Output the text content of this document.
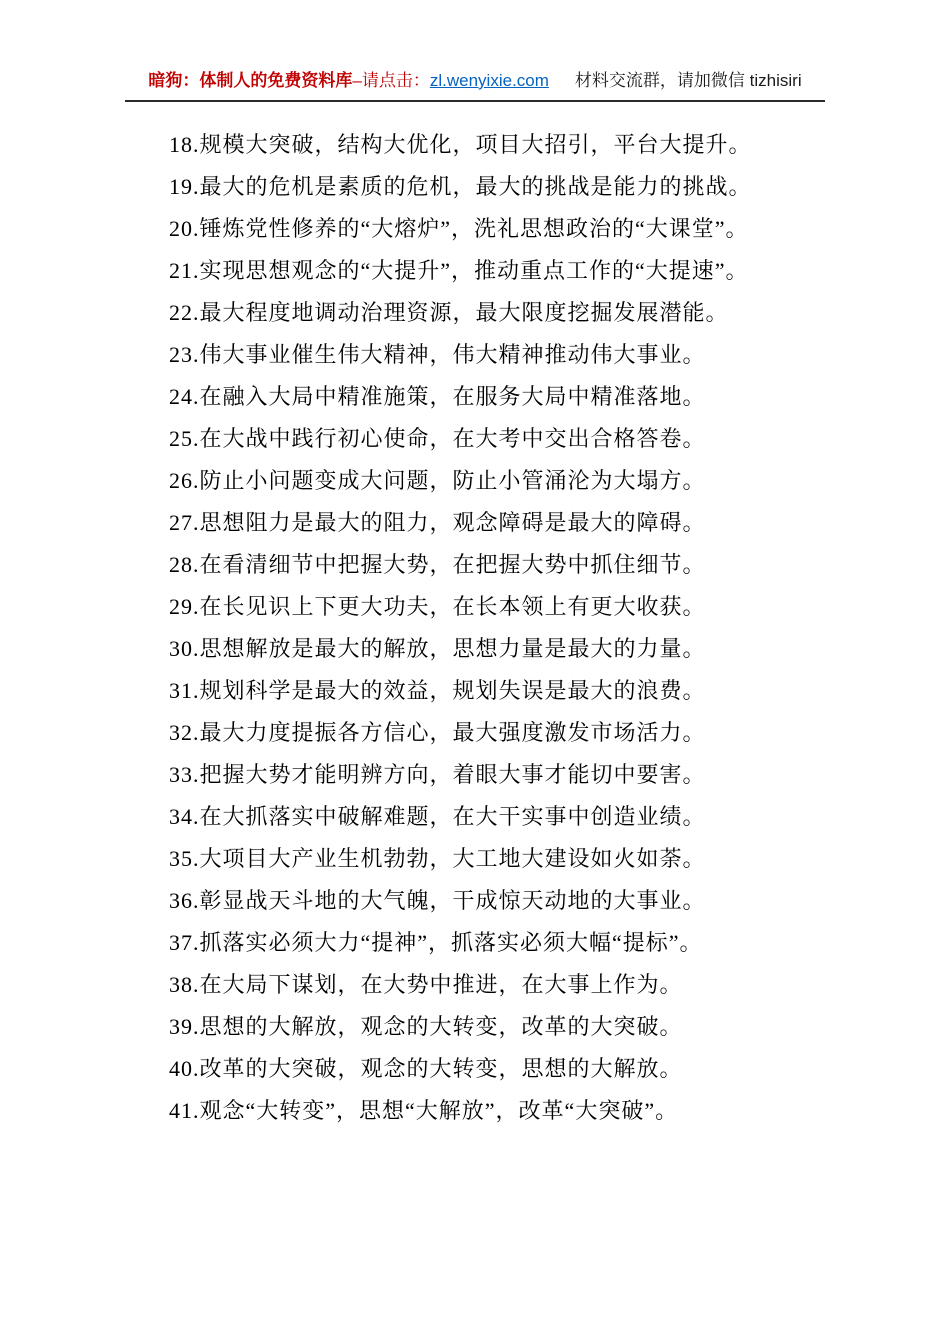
暗狗：体制人的免费资料库–请点击：zl.wenyixie.com 材料交流群，请加微信 tizhisiri

18.规模大突破，结构大优化，项目大招引，平台大提升。

19.最大的危机是素质的危机，最大的挑战是能力的挑战。

20.锤炼党性修养的“大熔炉”，洗礼思想政治的“大课堂”。

21.实现思想观念的“大提升”，推动重点工作的“大提速”。

22.最大程度地调动治理资源，最大限度挖掘发展潜能。

23.伟大事业催生伟大精神，伟大精神推动伟大事业。

24.在融入大局中精准施策，在服务大局中精准落地。

25.在大战中践行初心使命，在大考中交出合格答卷。

26.防止小问题变成大问题，防止小管涌沦为大塌方。

27.思想阻力是最大的阻力，观念障碍是最大的障碍。

28.在看清细节中把握大势，在把握大势中抓住细节。

29.在长见识上下更大功夫，在长本领上有更大收获。

30.思想解放是最大的解放，思想力量是最大的力量。

31.规划科学是最大的效益，规划失误是最大的浪费。

32.最大力度提振各方信心，最大强度激发市场活力。

33.把握大势才能明辨方向，着眼大事才能切中要害。

34.在大抓落实中破解难题，在大干实事中创造业绩。

35.大项目大产业生机勃勃，大工地大建设如火如荼。

36.彰显战天斗地的大气魄，干成惊天动地的大事业。

37.抓落实必须大力“提神”，抓落实必须大幅“提标”。

38.在大局下谋划，在大势中推进，在大事上作为。

39.思想的大解放，观念的大转变，改革的大突破。

40.改革的大突破，观念的大转变，思想的大解放。

41.观念“大转变”，思想“大解放”，改革“大突破”。
